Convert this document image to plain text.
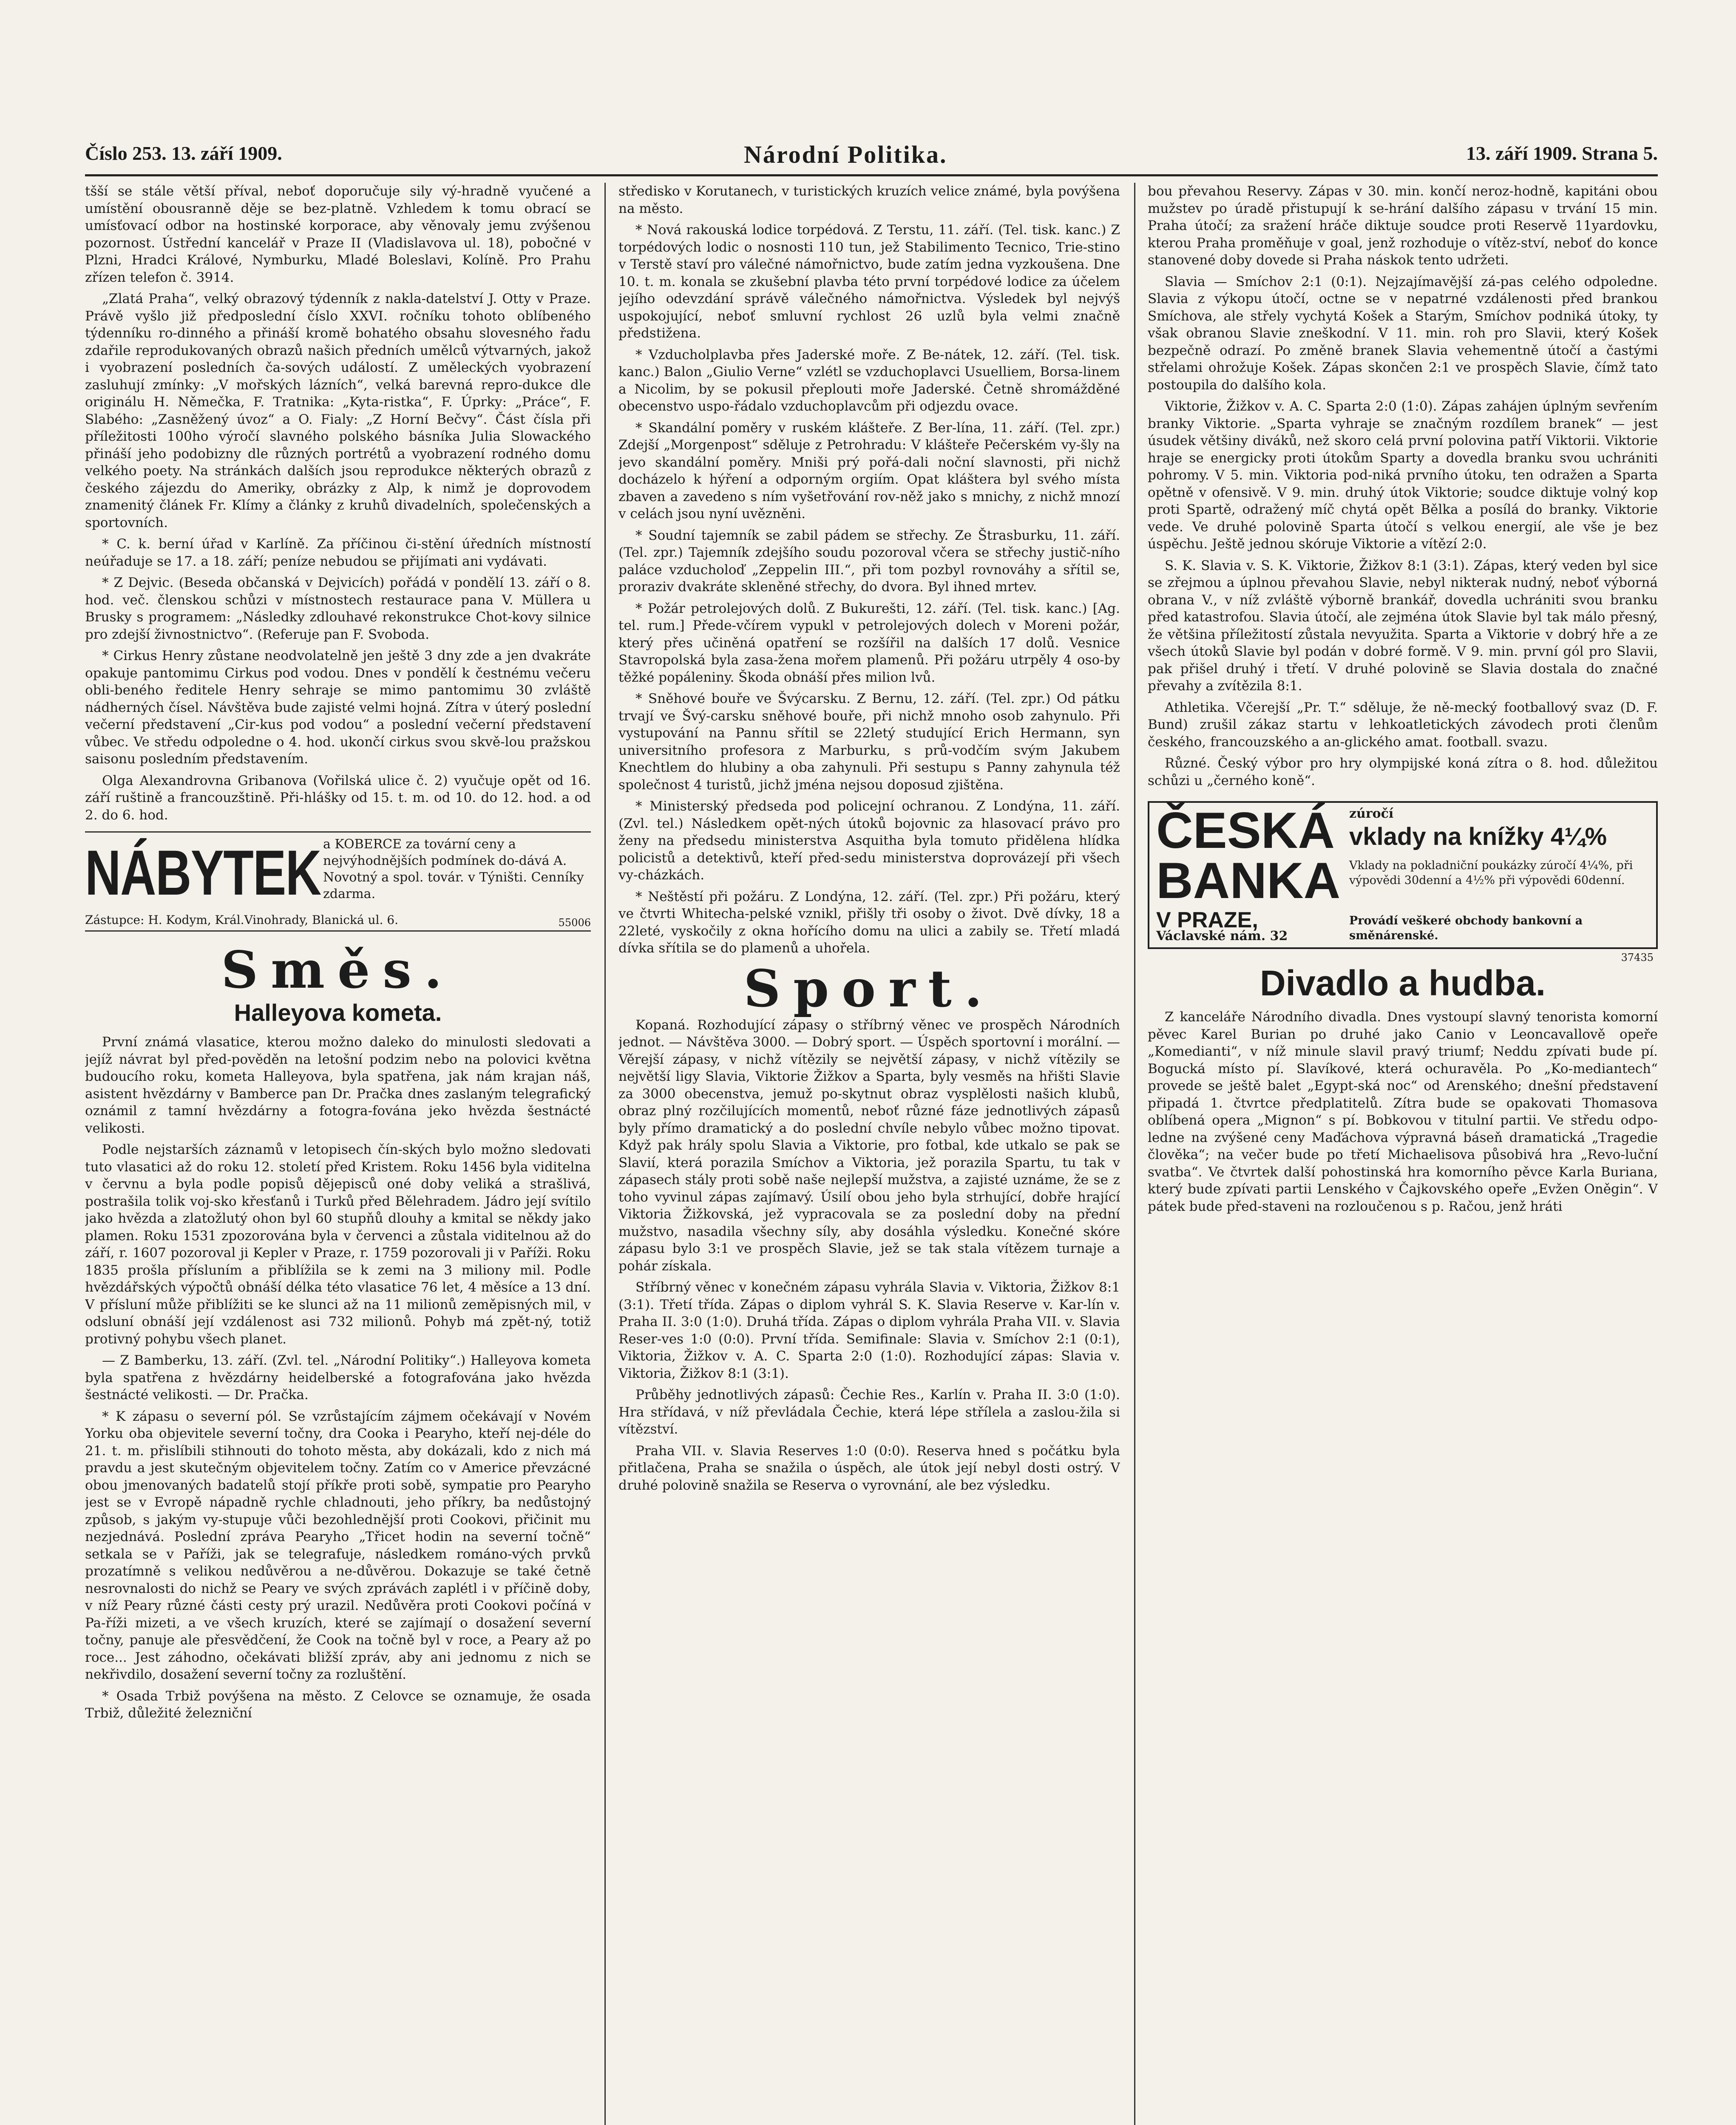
Číslo 253. 13. září 1909.	Národní Politika.	13. září 1909. Strana 5.

tšší se stále větší příval, neboť doporučuje sily vý-hradně vyučené a umístění obousranně děje se bez-platně. Vzhledem k tomu obrací se umísťovací odbor na hostinské korporace, aby věnovaly jemu zvýšenou pozornost. Ústřední kancelář v Praze II (Vladislavova ul. 18), pobočné v Plzni, Hradci Králové, Nymburku, Mladé Boleslavi, Kolíně. Pro Prahu zřízen telefon č. 3914.

„Zlatá Praha“, velký obrazový týdenník z nakla-datelství J. Otty v Praze. Právě vyšlo již předposlední číslo XXVI. ročníku tohoto oblíbeného týdenníku ro-dinného a přináší kromě bohatého obsahu slovesného řadu zdařile reprodukovaných obrazů našich předních umělců výtvarných, jakož i vyobrazení posledních ča-sových událostí. Z uměleckých vyobrazení zasluhují zmínky: „V mořských lázních“, velká barevná repro-dukce dle originálu H. Němečka, F. Tratnika: „Kyta-ristka“, F. Úprky: „Práce“, F. Slabého: „Zasněžený úvoz“ a O. Fialy: „Z Horní Bečvy“. Část čísla při příležitosti 100ho výročí slavného polského básníka Julia Slowackého přináší jeho podobizny dle různých portrétů a vyobrazení rodného domu velkého poety. Na stránkách dalších jsou reprodukce některých obrazů z českého zájezdu do Ameriky, obrázky z Alp, k nimž je doprovodem znamenitý článek Fr. Klímy a články z kruhů divadelních, společenských a sportovních.

* C. k. berní úřad v Karlíně. Za příčinou či-stění úředních místností neúřaduje se 17. a 18. září; peníze nebudou se přijímati ani vydávati.

* Z Dejvic. (Beseda občanská v Dejvicích) pořádá v pondělí 13. září o 8. hod. več. členskou schůzi v místnostech restaurace pana V. Müllera u Brusky s programem: „Následky zdlouhavé rekonstrukce Chot-kovy silnice pro zdejší živnostnictvo“. (Referuje pan F. Svoboda.

* Cirkus Henry zůstane neodvolatelně jen ještě 3 dny zde a jen dvakráte opakuje pantomimu Cirkus pod vodou. Dnes v pondělí k čestnému večeru obli-beného ředitele Henry sehraje se mimo pantomimu 30 zvláště nádherných čísel. Návštěva bude zajisté velmi hojná. Zítra v úterý poslední večerní představení „Cir-kus pod vodou“ a poslední večerní představení vůbec. Ve středu odpoledne o 4. hod. ukončí cirkus svou skvě-lou pražskou saisonu posledním představením.

Olga Alexandrovna Gribanova (Vořilská ulice č. 2) vyučuje opět od 16. září ruštině a francouzštině. Při-hlášky od 15. t. m. od 10. do 12. hod. a od 2. do 6. hod.

NÁBYTEK a KOBERCE za tovární ceny a nejvýhodnějších podmínek do-dává A. Novotný a spol. továr. v Týništi. Cenníky zdarma.
Zástupce: H. Kodym, Král.Vinohrady, Blanická ul. 6.	55006
Směs.
Halleyova kometa.

První známá vlasatice, kterou možno daleko do minulosti sledovati a jejíž návrat byl před-pověděn na letošní podzim nebo na polovici května budoucího roku, kometa Halleyova, byla spatřena, jak nám krajan náš, asistent hvězdárny v Bamberce pan Dr. Pračka dnes zaslaným telegrafický oznámil z tamní hvězdárny a fotogra-fována jeko hvězda šestnácté velikosti.

Podle nejstarších záznamů v letopisech čín-ských bylo možno sledovati tuto vlasatici až do roku 12. století před Kristem. Roku 1456 byla viditelna v červnu a byla podle popisů dějepisců oné doby veliká a strašlivá, postrašila tolik voj-sko křesťanů i Turků před Bělehradem. Jádro její svítilo jako hvězda a zlatožlutý ohon byl 60 stupňů dlouhy a kmital se někdy jako plamen. Roku 1531 zpozorována byla v červenci a zůstala viditelnou až do září, r. 1607 pozoroval ji Kepler v Praze, r. 1759 pozorovali ji v Paříži. Roku 1835 prošla přísluním a přiblížila se k zemi na 3 miliony mil. Podle hvězdářských výpočtů obnáší délka této vlasatice 76 let, 4 měsíce a 13 dní. V přísluní může přiblížiti se ke slunci až na 11 milionů zeměpisných mil, v odsluní obnáší její vzdálenost asi 732 milionů. Pohyb má zpět-ný, totiž protivný pohybu všech planet.

— Z Bamberku, 13. září. (Zvl. tel. „Národní Politiky“.) Halleyova kometa byla spatřena z hvězdárny heidelberské a fotografována jako hvězda šestnácté velikosti. — Dr. Pračka.

* K zápasu o severní pól. Se vzrůstajícím zájmem očekávají v Novém Yorku oba objevitele severní točny, dra Cooka i Pearyho, kteří nej-déle do 21. t. m. přislíbili stihnouti do tohoto města, aby dokázali, kdo z nich má pravdu a jest skutečným objevitelem točny. Zatím co v Americe převzácné obou jmenovaných badatelů stojí příkře proti sobě, sympatie pro Pearyho jest se v Evropě nápadně rychle chladnouti, jeho příkry, ba nedůstojný způsob, s jakým vy-stupuje vůči bezohlednější proti Cookovi, přičinit mu nezjednává. Poslední zpráva Pearyho „Třicet hodin na severní točně“ setkala se v Paříži, jak se telegrafuje, následkem románo-vých prvků prozatímně s velikou nedůvěrou a ne-důvěrou. Dokazuje se také četně nesrovnalosti do nichž se Peary ve svých zprávách zaplétl i v příčině doby, v níž Peary různé části cesty prý urazil. Nedůvěra proti Cookovi počíná v Pa-říži mizeti, a ve všech kruzích, které se zajímají o dosažení severní točny, panuje ale přesvědčení, že Cook na točně byl v roce, a Peary až po roce... Jest záhodno, očekávati bližší zpráv, aby ani jednomu z nich se nekřivdilo, dosažení severní točny za rozluštění.

* Osada Trbiž povýšena na město. Z Celovce se oznamuje, že osada Trbiž, důležité železniční

středisko v Korutanech, v turistických kruzích velice známé, byla povýšena na město.

* Nová rakouská lodice torpédová. Z Terstu, 11. září. (Tel. tisk. kanc.) Z torpédových lodic o nosnosti 110 tun, jež Stabilimento Tecnico, Trie-stino v Terstě staví pro válečné námořnictvo, bude zatím jedna vyzkoušena. Dne 10. t. m. konala se zkušební plavba této první torpédové lodice za účelem jejího odevzdání správě válečného námořnictva. Výsledek byl nejvýš uspokojující, neboť smluvní rychlost 26 uzlů byla velmi značně předstižena.

* Vzducholplavba přes Jaderské moře. Z Be-nátek, 12. září. (Tel. tisk. kanc.) Balon „Giulio Verne“ vzlétl se vzduchoplavci Usuelliem, Borsa-linem a Nicolim, by se pokusil přeplouti moře Jaderské. Četně shromážděné obecenstvo uspo-řádalo vzduchoplavcům při odjezdu ovace.

* Skandální poměry v ruském klášteře. Z Ber-lína, 11. září. (Tel. zpr.) Zdejší „Morgenpost“ sděluje z Petrohradu: V klášteře Pečerském vy-šly na jevo skandální poměry. Mniši prý pořá-dali noční slavnosti, při nichž docházelo k hýření a odporným orgiím. Opat kláštera byl svého místa zbaven a zavedeno s ním vyšetřování rov-něž jako s mnichy, z nichž mnozí v celách jsou nyní uvězněni.

* Soudní tajemník se zabil pádem se střechy. Ze Štrasburku, 11. září. (Tel. zpr.) Tajemník zdejšího soudu pozoroval včera se střechy justič-ního paláce vzducholoď „Zeppelin III.“, při tom pozbyl rovnováhy a sřítil se, proraziv dvakráte skleněné střechy, do dvora. Byl ihned mrtev.

* Požár petrolejových dolů. Z Bukurešti, 12. září. (Tel. tisk. kanc.) [Ag. tel. rum.] Přede-včírem vypukl v petrolejových dolech v Moreni požár, který přes učiněná opatření se rozšířil na dalších 17 dolů. Vesnice Stavropolská byla zasa-žena mořem plamenů. Při požáru utrpěly 4 oso-by těžké popáleniny. Škoda obnáší přes milion lvů.

* Sněhové bouře ve Švýcarsku. Z Bernu, 12. září. (Tel. zpr.) Od pátku trvají ve Švý-carsku sněhové bouře, při nichž mnoho osob zahynulo. Při vystupování na Pannu sřítil se 22letý studující Erich Hermann, syn universitního profesora z Marburku, s prů-vodčím svým Jakubem Knechtlem do hlubiny a oba zahynuli. Při sestupu s Panny zahynula též společnost 4 turistů, jichž jména nejsou doposud zjištěna.

* Ministerský předseda pod policejní ochranou. Z Londýna, 11. září. (Zvl. tel.) Následkem opět-ných útoků bojovnic za hlasovací právo pro ženy na předsedu ministerstva Asquitha byla tomuto přidělena hlídka policistů a detektivů, kteří před-sedu ministerstva doprovázejí při všech vy-cházkách.

* Neštěstí při požáru. Z Londýna, 12. září. (Tel. zpr.) Při požáru, který ve čtvrti Whitecha-pelské vznikl, přišly tři osoby o život. Dvě dívky, 18 a 22leté, vyskočily z okna hořícího domu na ulici a zabily se. Třetí mladá dívka sřítila se do plamenů a uhořela.

Sport.

Kopaná. Rozhodující zápasy o stříbrný věnec ve prospěch Národních jednot. — Návštěva 3000. — Dobrý sport. — Úspěch sportovní i morální. — Věrejší zápasy, v nichž vítězily se největší zápasy, v nichž vítězily se největší ligy Slavia, Viktorie Žižkov a Sparta, byly vesměs na hřišti Slavie za 3000 obecenstva, jemuž po-skytnut obraz vysplělosti našich klubů, obraz plný rozčilujících momentů, neboť různé fáze jednotlivých zápasů byly přímo dramatický a do poslední chvíle nebylo vůbec možno tipovat. Když pak hrály spolu Slavia a Viktorie, pro fotbal, kde utkalo se pak se Slavií, která porazila Smíchov a Viktoria, jež porazila Spartu, tu tak v zápasech stály proti sobě naše nejlepší mužstva, a zajisté uznáme, že se z toho vyvinul zápas zajímavý. Úsilí obou jeho byla strhující, dobře hrající Viktoria Žižkovská, jež vypracovala se za poslední doby na přední mužstvo, nasadila všechny síly, aby dosáhla výsledku. Konečné skóre zápasu bylo 3:1 ve prospěch Slavie, jež se tak stala vítězem turnaje a pohár získala.

Stříbrný věnec v konečném zápasu vyhrála Slavia v. Viktoria, Žižkov 8:1 (3:1). Třetí třída. Zápas o diplom vyhrál S. K. Slavia Reserve v. Kar-lín v. Praha II. 3:0 (1:0). Druhá třída. Zápas o diplom vyhrála Praha VII. v. Slavia Reser-ves 1:0 (0:0). První třída. Semifinale: Slavia v. Smíchov 2:1 (0:1), Viktoria, Žižkov v. A. C. Sparta 2:0 (1:0). Rozhodující zápas: Slavia v. Viktoria, Žižkov 8:1 (3:1).

Průběhy jednotlivých zápasů: Čechie Res., Karlín v. Praha II. 3:0 (1:0). Hra střídavá, v níž převládala Čechie, která lépe střílela a zaslou-žila si vítězství.

Praha VII. v. Slavia Reserves 1:0 (0:0). Reserva hned s počátku byla přitlačena, Praha se snažila o úspěch, ale útok její nebyl dosti ostrý. V druhé polovině snažila se Reserva o vyrovnání, ale bez výsledku.

bou převahou Reservy. Zápas v 30. min. končí neroz-hodně, kapitáni obou mužstev po úradě přistupují k se-hrání dalšího zápasu v trvání 15 min. Praha útočí; za sražení hráče diktuje soudce proti Reservě 11yardovku, kterou Praha proměňuje v goal, jenž rozhoduje o vítěz-ství, neboť do konce stanovené doby dovede si Praha náskok tento udržeti.

Slavia — Smíchov 2:1 (0:1). Nejzajímavější zá-pas celého odpoledne. Slavia z výkopu útočí, octne se v nepatrné vzdálenosti před brankou Smíchova, ale střely vychytá Košek a Starým, Smíchov podniká útoky, ty však obranou Slavie zneškodní. V 11. min. roh pro Slavii, který Košek bezpečně odrazí. Po změně branek Slavia vehementně útočí a častými střelami ohrožuje Košek. Zápas skončen 2:1 ve prospěch Slavie, čímž tato postoupila do dalšího kola.

Viktorie, Žižkov v. A. C. Sparta 2:0 (1:0). Zápas zahájen úplným sevřením branky Viktorie. „Sparta vyhraje se značným rozdílem branek“ — jest úsudek většiny diváků, než skoro celá první polovina patří Viktorii. Viktorie hraje se energicky proti útokům Sparty a dovedla branku svou uchrániti pohromy. V 5. min. Viktoria pod-niká prvního útoku, ten odražen a Sparta opětně v ofensivě. V 9. min. druhý útok Viktorie; soudce diktuje volný kop proti Spartě, odražený míč chytá opět Bělka a posílá do branky. Viktorie vede. Ve druhé polovině Sparta útočí s velkou energií, ale vše je bez úspěchu. Ještě jednou skóruje Viktorie a vítězí 2:0.

S. K. Slavia v. S. K. Viktorie, Žižkov 8:1 (3:1). Zápas, který veden byl sice se zřejmou a úplnou převahou Slavie, nebyl nikterak nudný, neboť výborná obrana V., v níž zvláště výborně brankář, dovedla uchrániti svou branku před katastrofou. Slavia útočí, ale zejména útok Slavie byl tak málo přesný, že většina příležitostí zůstala nevyužita. Sparta a Viktorie v dobrý hře a ze všech útoků Slavie byl podán v dobré formě. V 9. min. první gól pro Slavii, pak přišel druhý i třetí. V druhé polovině se Slavia dostala do značné převahy a zvítězila 8:1.

Athletika. Včerejší „Pr. T.“ sděluje, že ně-mecký footballový svaz (D. F. Bund) zrušil zákaz startu v lehkoatletických závodech proti členům českého, francouzského a an-glického amat. football. svazu.

Různé. Český výbor pro hry olympijské koná zítra o 8. hod. důležitou schůzi u „černého koně“.

ČESKÁ
BANKA
V PRAZE,
Václavské nám. 32
zúročí
vklady na knížky 4¼%
Vklady na pokladniční poukázky zúročí 4¼%, při výpovědi 30denní a 4½% při výpovědi 60denní.
Provádí veškeré obchody bankovní a směnárenské.
37435
Divadlo a hudba.

Z kanceláře Národního divadla. Dnes vystoupí slavný tenorista komorní pěvec Karel Burian po druhé jako Canio v Leoncavallově opeře „Komedianti“, v níž minule slavil pravý triumf; Neddu zpívati bude pí. Bogucká místo pí. Slavíkové, která ochuravěla. Po „Ko-mediantech“ provede se ještě balet „Egypt-ská noc“ od Arenského; dnešní představení připadá 1. čtvrtce předplatitelů. Zítra bude se opakovati Thomasova oblíbená opera „Mignon“ s pí. Bobkovou v titulní partii. Ve středu odpo-ledne na zvýšené ceny Maďáchova výpravná báseň dramatická „Tragedie člověka“; na večer bude po třetí Michaelisova působivá hra „Revo-luční svatba“. Ve čtvrtek další pohostinská hra komorního pěvce Karla Buriana, který bude zpívati partii Lenského v Čajkovského opeře „Evžen Oněgin“. V pátek bude před-staveni na rozloučenou s p. Račou, jenž hráti
